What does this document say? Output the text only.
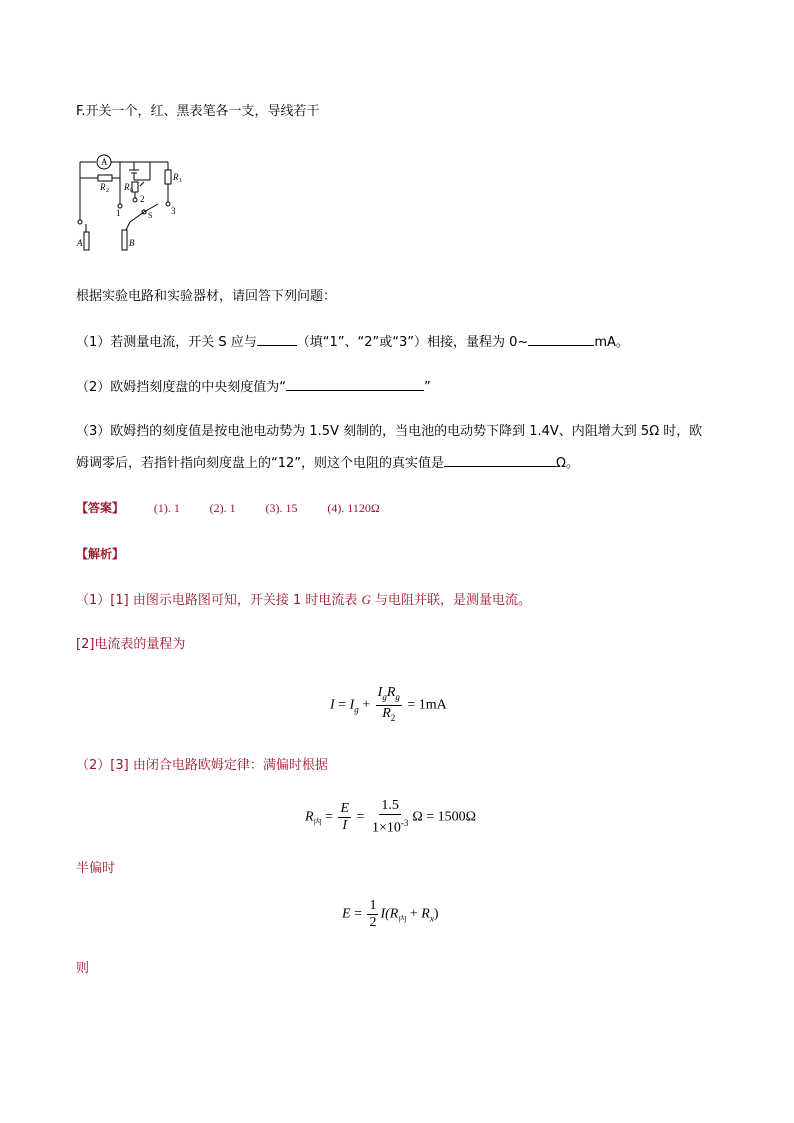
F.开关一个，红、黑表笔各一支，导线若干
A
R 2 R 0
R 1
1
2
3
S
A	B
根据实验电路和实验器材，请回答下列问题：
（1）若测量电流，开关 S 应与	（填“1”、“2”或“3”）相接，量程为 0~	mA。
（2）欧姆挡刻度盘的中央刻度值为“	”
（3）欧姆挡的刻度值是按电池电动势为 1.5V 刻制的，当电池的电动势下降到 1.4V、内阻增大到 5Ω 时，欧
姆调零后，若指针指向刻度盘上的“12”，则这个电阻的真实值是	Ω。
【答案】 (1). 1 (2). 1 (3). 15 (4). 1120Ω
【解析】
（1）[1] 由图示电路图可知，开关接 1 时电流表 G 与电阻并联，是测量电流。
[2]电流表的量程为
$I = I_g + \frac{I_gR_g}{R_2} = 1mA$
（2）[3] 由闭合电路欧姆定律：满偏时根据
$R_内 = \frac{E}{I} = \frac{1.5}{1\times 10^{-3}}$ Ω = 1500Ω
半偏时
$E = \frac{1}{2} I(R_内 + R_x)$
则
